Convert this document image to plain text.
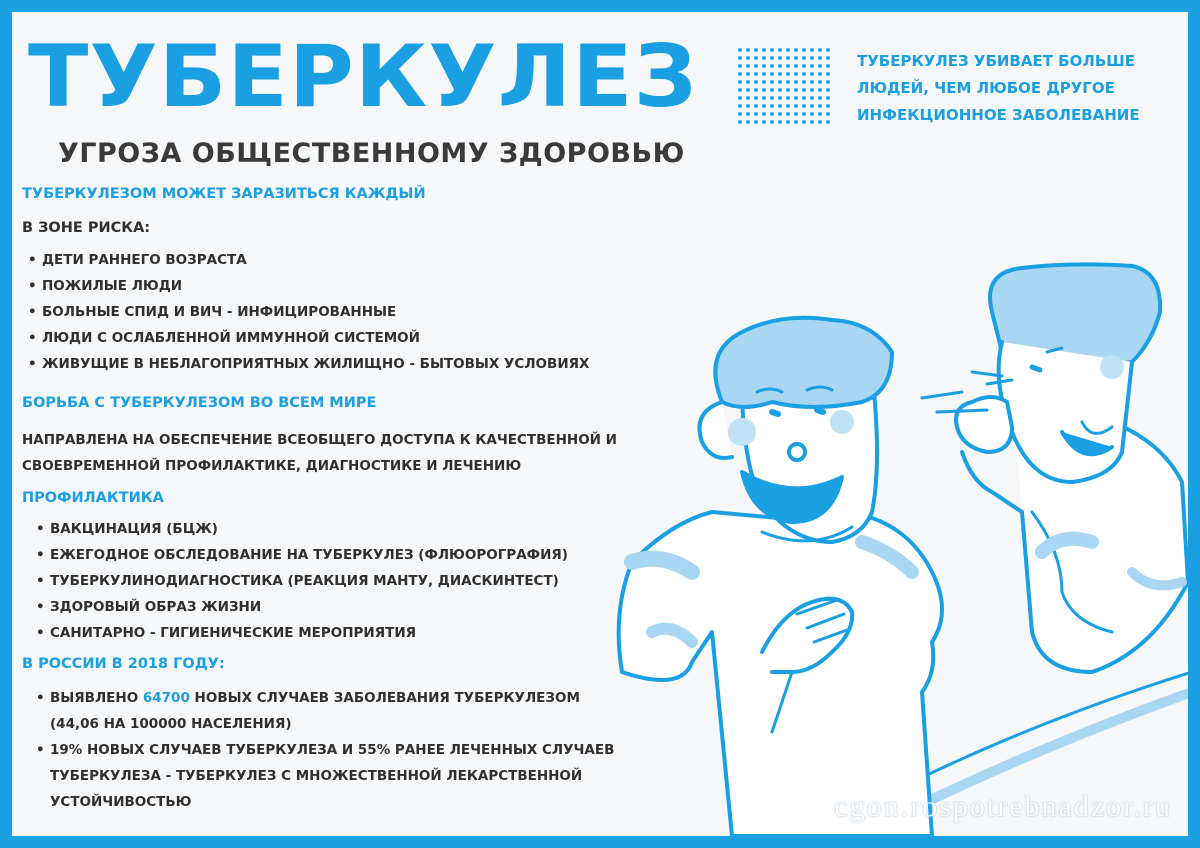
ТУБЕРКУЛЕЗ
УГРОЗА ОБЩЕСТВЕННОМУ ЗДОРОВЬЮ
ТУБЕРКУЛЕЗ УБИВАЕТ БОЛЬШЕ
ЛЮДЕЙ, ЧЕМ ЛЮБОЕ ДРУГОЕ
ИНФЕКЦИОННОЕ ЗАБОЛЕВАНИЕ
ТУБЕРКУЛЕЗОМ МОЖЕТ ЗАРАЗИТЬСЯ КАЖДЫЙ
В ЗОНЕ РИСКА:
• ДЕТИ РАННЕГО ВОЗРАСТА
• ПОЖИЛЫЕ ЛЮДИ
• БОЛЬНЫЕ СПИД И ВИЧ - ИНФИЦИРОВАННЫЕ
• ЛЮДИ С ОСЛАБЛЕННОЙ ИММУННОЙ СИСТЕМОЙ
• ЖИВУЩИЕ В НЕБЛАГОПРИЯТНЫХ ЖИЛИЩНО - БЫТОВЫХ УСЛОВИЯХ
БОРЬБА С ТУБЕРКУЛЕЗОМ ВО ВСЕМ МИРЕ
НАПРАВЛЕНА НА ОБЕСПЕЧЕНИЕ ВСЕОБЩЕГО ДОСТУПА К КАЧЕСТВЕННОЙ И
СВОЕВРЕМЕННОЙ ПРОФИЛАКТИКЕ, ДИАГНОСТИКЕ И ЛЕЧЕНИЮ
ПРОФИЛАКТИКА
• ВАКЦИНАЦИЯ (БЦЖ)
• ЕЖЕГОДНОЕ ОБСЛЕДОВАНИЕ НА ТУБЕРКУЛЕЗ (ФЛЮОРОГРАФИЯ)
• ТУБЕРКУЛИНОДИАГНОСТИКА (РЕАКЦИЯ МАНТУ, ДИАСКИНТЕСТ)
• ЗДОРОВЫЙ ОБРАЗ ЖИЗНИ
• САНИТАРНО - ГИГИЕНИЧЕСКИЕ МЕРОПРИЯТИЯ
В РОССИИ В 2018 ГОДУ:
• ВЫЯВЛЕНО 64700 НОВЫХ СЛУЧАЕВ ЗАБОЛЕВАНИЯ ТУБЕРКУЛЕЗОМ
(44,06 НА 100000 НАСЕЛЕНИЯ)
• 19% НОВЫХ СЛУЧАЕВ ТУБЕРКУЛЕЗА И 55% РАНЕЕ ЛЕЧЕННЫХ СЛУЧАЕВ
ТУБЕРКУЛЕЗА - ТУБЕРКУЛЕЗ С МНОЖЕСТВЕННОЙ ЛЕКАРСТВЕННОЙ
УСТОЙЧИВОСТЬЮ	cgon.rospotrebnadzor.ru
